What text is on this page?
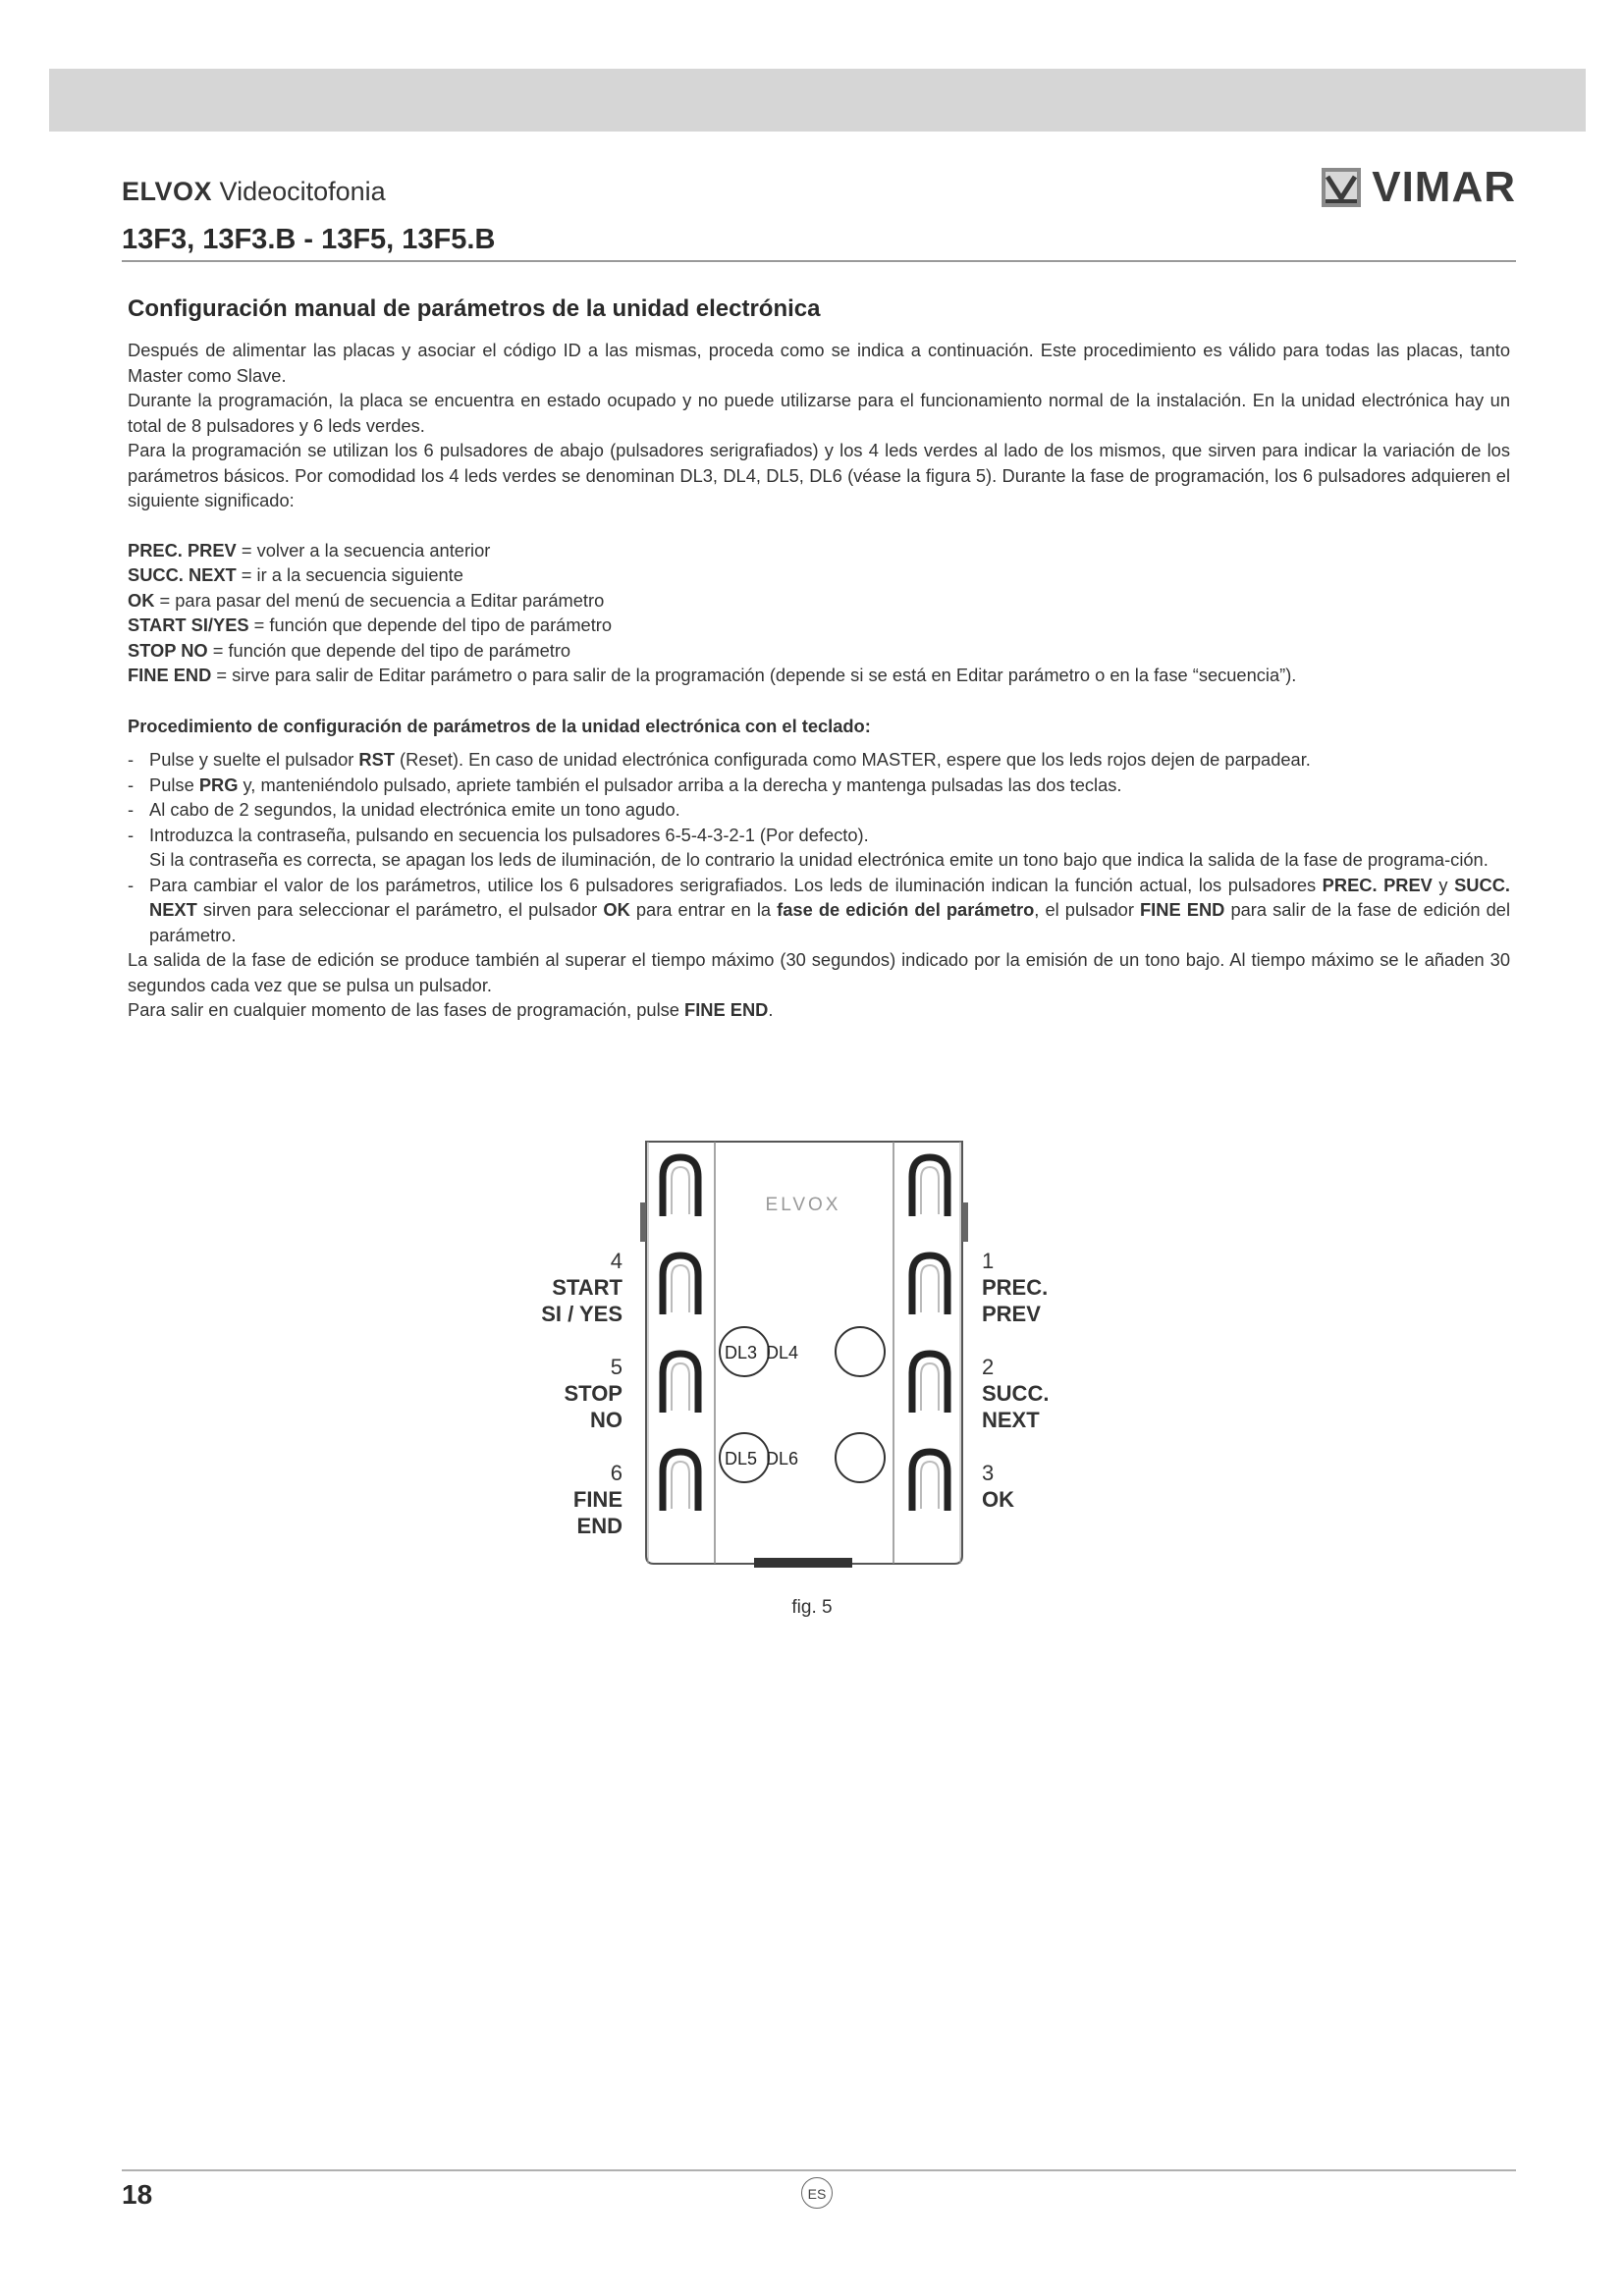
ELVOX Videocitofonia	VIMAR
13F3, 13F3.B - 13F5, 13F5.B
Configuración manual de parámetros de la unidad electrónica

Después de alimentar las placas y asociar el código ID a las mismas, proceda como se indica a continuación. Este procedimiento es válido para todas las placas, tanto Master como Slave.

Durante la programación, la placa se encuentra en estado ocupado y no puede utilizarse para el funcionamiento normal de la instalación. En la unidad electrónica hay un total de 8 pulsadores y 6 leds verdes.

Para la programación se utilizan los 6 pulsadores de abajo (pulsadores serigrafiados) y los 4 leds verdes al lado de los mismos, que sirven para indicar la variación de los parámetros básicos. Por comodidad los 4 leds verdes se denominan DL3, DL4, DL5, DL6 (véase la figura 5). Durante la fase de programación, los 6 pulsadores adquieren el siguiente significado:

PREC. PREV = volver a la secuencia anterior
SUCC. NEXT = ir a la secuencia siguiente
OK = para pasar del menú de secuencia a Editar parámetro
START SI/YES = función que depende del tipo de parámetro
STOP NO = función que depende del tipo de parámetro
FINE END = sirve para salir de Editar parámetro o para salir de la programación (depende si se está en Editar parámetro o en la fase “secuencia”).
Procedimiento de configuración de parámetros de la unidad electrónica con el teclado:
- Pulse y suelte el pulsador RST (Reset). En caso de unidad electrónica configurada como MASTER, espere que los leds rojos dejen de parpadear.
- Pulse PRG y, manteniéndolo pulsado, apriete también el pulsador arriba a la derecha y mantenga pulsadas las dos teclas.
- Al cabo de 2 segundos, la unidad electrónica emite un tono agudo.
- Introduzca la contraseña, pulsando en secuencia los pulsadores 6-5-4-3-2-1 (Por defecto).
Si la contraseña es correcta, se apagan los leds de iluminación, de lo contrario la unidad electrónica emite un tono bajo que indica la salida de la fase de programa-ción.
- Para cambiar el valor de los parámetros, utilice los 6 pulsadores serigrafiados. Los leds de iluminación indican la función actual, los pulsadores PREC. PREV y SUCC. NEXT sirven para seleccionar el parámetro, el pulsador OK para entrar en la fase de edición del parámetro, el pulsador FINE END para salir de la fase de edición del parámetro.

La salida de la fase de edición se produce también al superar el tiempo máximo (30 segundos) indicado por la emisión de un tono bajo. Al tiempo máximo se le añaden 30 segundos cada vez que se pulsa un pulsador.

Para salir en cualquier momento de las fases de programación, pulse FINE END.

ELVOX
DL3 DL4
DL5 DL6
4
START
SI / YES
5
STOP
NO
6
FINE
END
1
PREC.
PREV
2
SUCC.
NEXT
3
OK
fig. 5
18	ES
